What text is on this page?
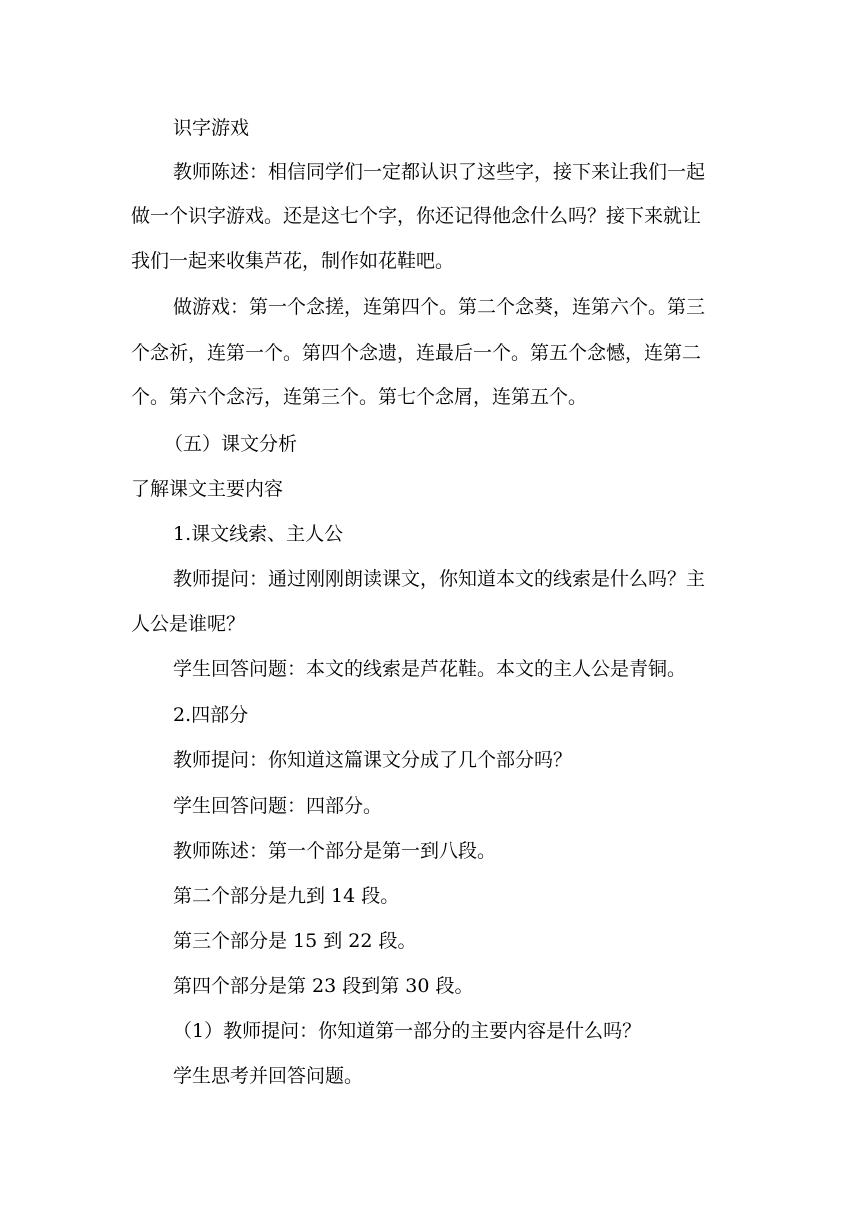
识字游戏
教师陈述：相信同学们一定都认识了这些字，接下来让我们一起
做一个识字游戏。还是这七个字，你还记得他念什么吗？接下来就让
我们一起来收集芦花，制作如花鞋吧。
做游戏：第一个念搓，连第四个。第二个念葵，连第六个。第三
个念祈，连第一个。第四个念遗，连最后一个。第五个念憾，连第二
个。第六个念污，连第三个。第七个念屑，连第五个。
（五）课文分析
了解课文主要内容
1.课文线索、主人公
教师提问：通过刚刚朗读课文，你知道本文的线索是什么吗？主
人公是谁呢？
学生回答问题：本文的线索是芦花鞋。本文的主人公是青铜。
2.四部分
教师提问：你知道这篇课文分成了几个部分吗？
学生回答问题：四部分。
教师陈述：第一个部分是第一到八段。
第二个部分是九到 14 段。
第三个部分是 15 到 22 段。
第四个部分是第 23 段到第 30 段。
（1）教师提问：你知道第一部分的主要内容是什么吗？
学生思考并回答问题。
